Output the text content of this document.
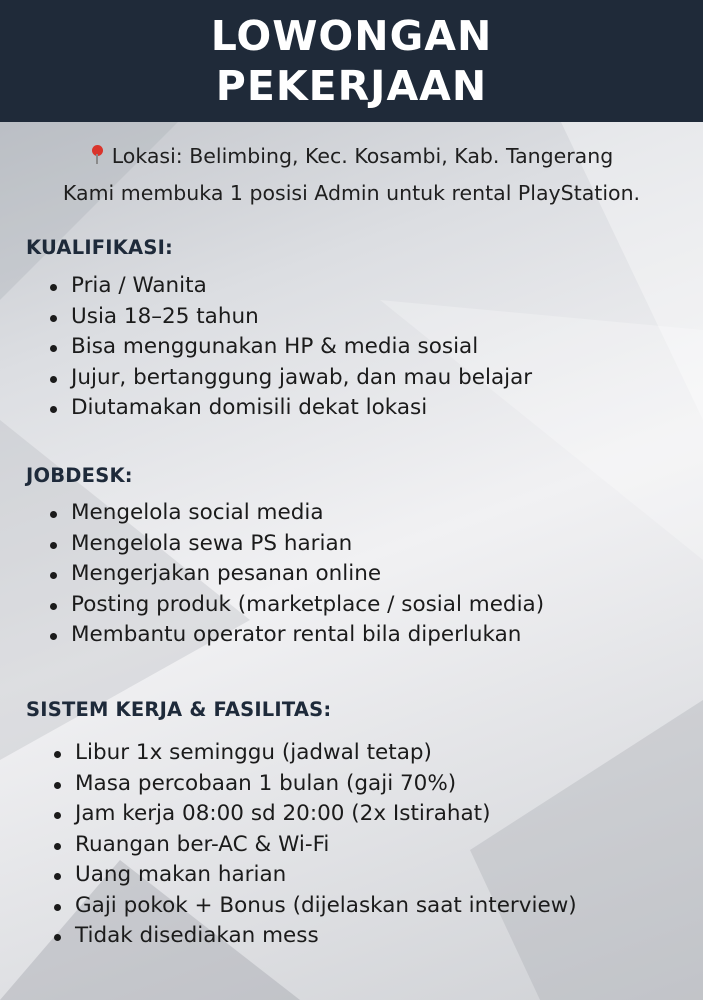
LOWONGAN
PEKERJAAN
Lokasi: Belimbing, Kec. Kosambi, Kab. Tangerang
Kami membuka 1 posisi Admin untuk rental PlayStation.
KUALIFIKASI:
Pria / Wanita
Usia 18–25 tahun
Bisa menggunakan HP & media sosial
Jujur, bertanggung jawab, dan mau belajar
Diutamakan domisili dekat lokasi
JOBDESK:
Mengelola social media
Mengelola sewa PS harian
Mengerjakan pesanan online
Posting produk (marketplace / sosial media)
Membantu operator rental bila diperlukan
SISTEM KERJA & FASILITAS:
Libur 1x seminggu (jadwal tetap)
Masa percobaan 1 bulan (gaji 70%)
Jam kerja 08:00 sd 20:00 (2x Istirahat)
Ruangan ber-AC & Wi-Fi
Uang makan harian
Gaji pokok + Bonus (dijelaskan saat interview)
Tidak disediakan mess
